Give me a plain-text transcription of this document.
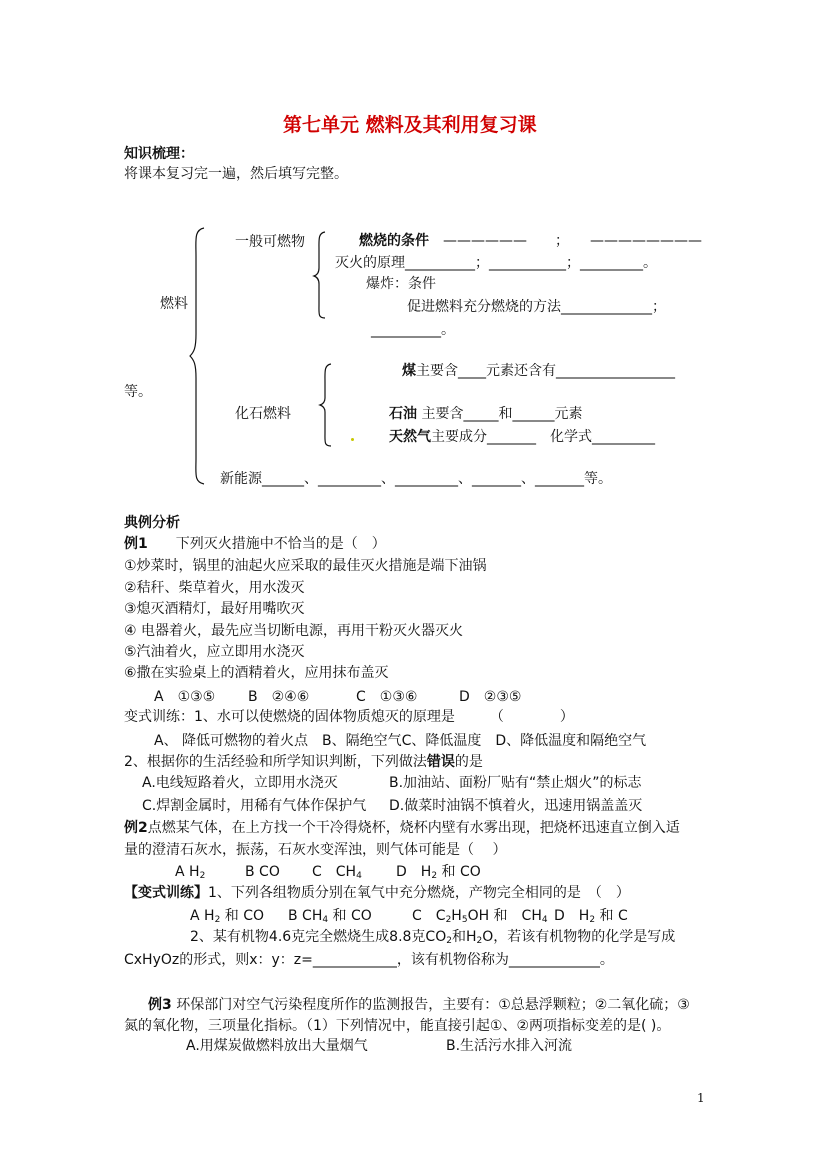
第七单元 燃料及其利用复习课
知识梳理：
将课本复习完一遍，然后填写完整。
燃料
一般可燃物	燃烧的条件　——————　　；　　————————
灭火的原理__________；___________；_________。
爆炸：条件
促进燃料充分燃烧的方法_____________；
__________。
等。
化石燃料
煤主要含____元素还含有_________________
石油 主要含_____和______元素
天然气主要成分_______　化学式_________
新能源______、_________、_________、_______、_______等。
典例分析
例1　　下列灭火措施中不恰当的是（　）
①炒菜时，锅里的油起火应采取的最佳灭火措施是端下油锅
②秸秆、柴草着火，用水泼灭
③熄灭酒精灯，最好用嘴吹灭
④ 电器着火，最先应当切断电源，再用干粉灭火器灭火
⑤汽油着火，应立即用水浇灭
⑥撒在实验桌上的酒精着火，应用抹布盖灭
A　①③⑤ B　②④⑥	C　①③⑥	D　②③⑤
变式训练：1、水可以使燃烧的固体物质熄灭的原理是　　　（　　　　）
A、 降低可燃物的着火点　B、隔绝空气C、降低温度　D、降低温度和隔绝空气
2、根据你的生活经验和所学知识判断，下列做法错误的是
A.电线短路着火，立即用水浇灭	B.加油站、面粉厂贴有“禁止烟火”的标志
C.焊割金属时，用稀有气体作保护气 D.做菜时油锅不慎着火，迅速用锅盖盖灭
例2点燃某气体，在上方找一个干冷得烧杯，烧杯内壁有水雾出现，把烧杯迅速直立倒入适
量的澄清石灰水，振荡，石灰水变浑浊，则气体可能是（　 ）
A $H_2$	B CO C　$CH_4$ D　$H_2$ 和 CO
【变式训练】1、下列各组物质分别在氧气中充分燃烧，产物完全相同的是　（　）
A $H_2$ 和 CO B $CH_4$ 和 CO	C　$C_2H_5OH$ 和　$CH_4$ D　$H_2$ 和 C
2、某有机物4.6克完全燃烧生成8.8克$CO_2$和$H_2O$，若该有机物物的化学是写成
CxHyOz的形式，则x：y：z=____________，该有机物俗称为_____________。
例3 环保部门对空气污染程度所作的监测报告，主要有：①总悬浮颗粒；②二氧化硫；③
氮的氧化物，三项量化指标。（1）下列情况中，能直接引起①、②两项指标变差的是( )。
A.用煤炭做燃料放出大量烟气	B.生活污水排入河流
1
